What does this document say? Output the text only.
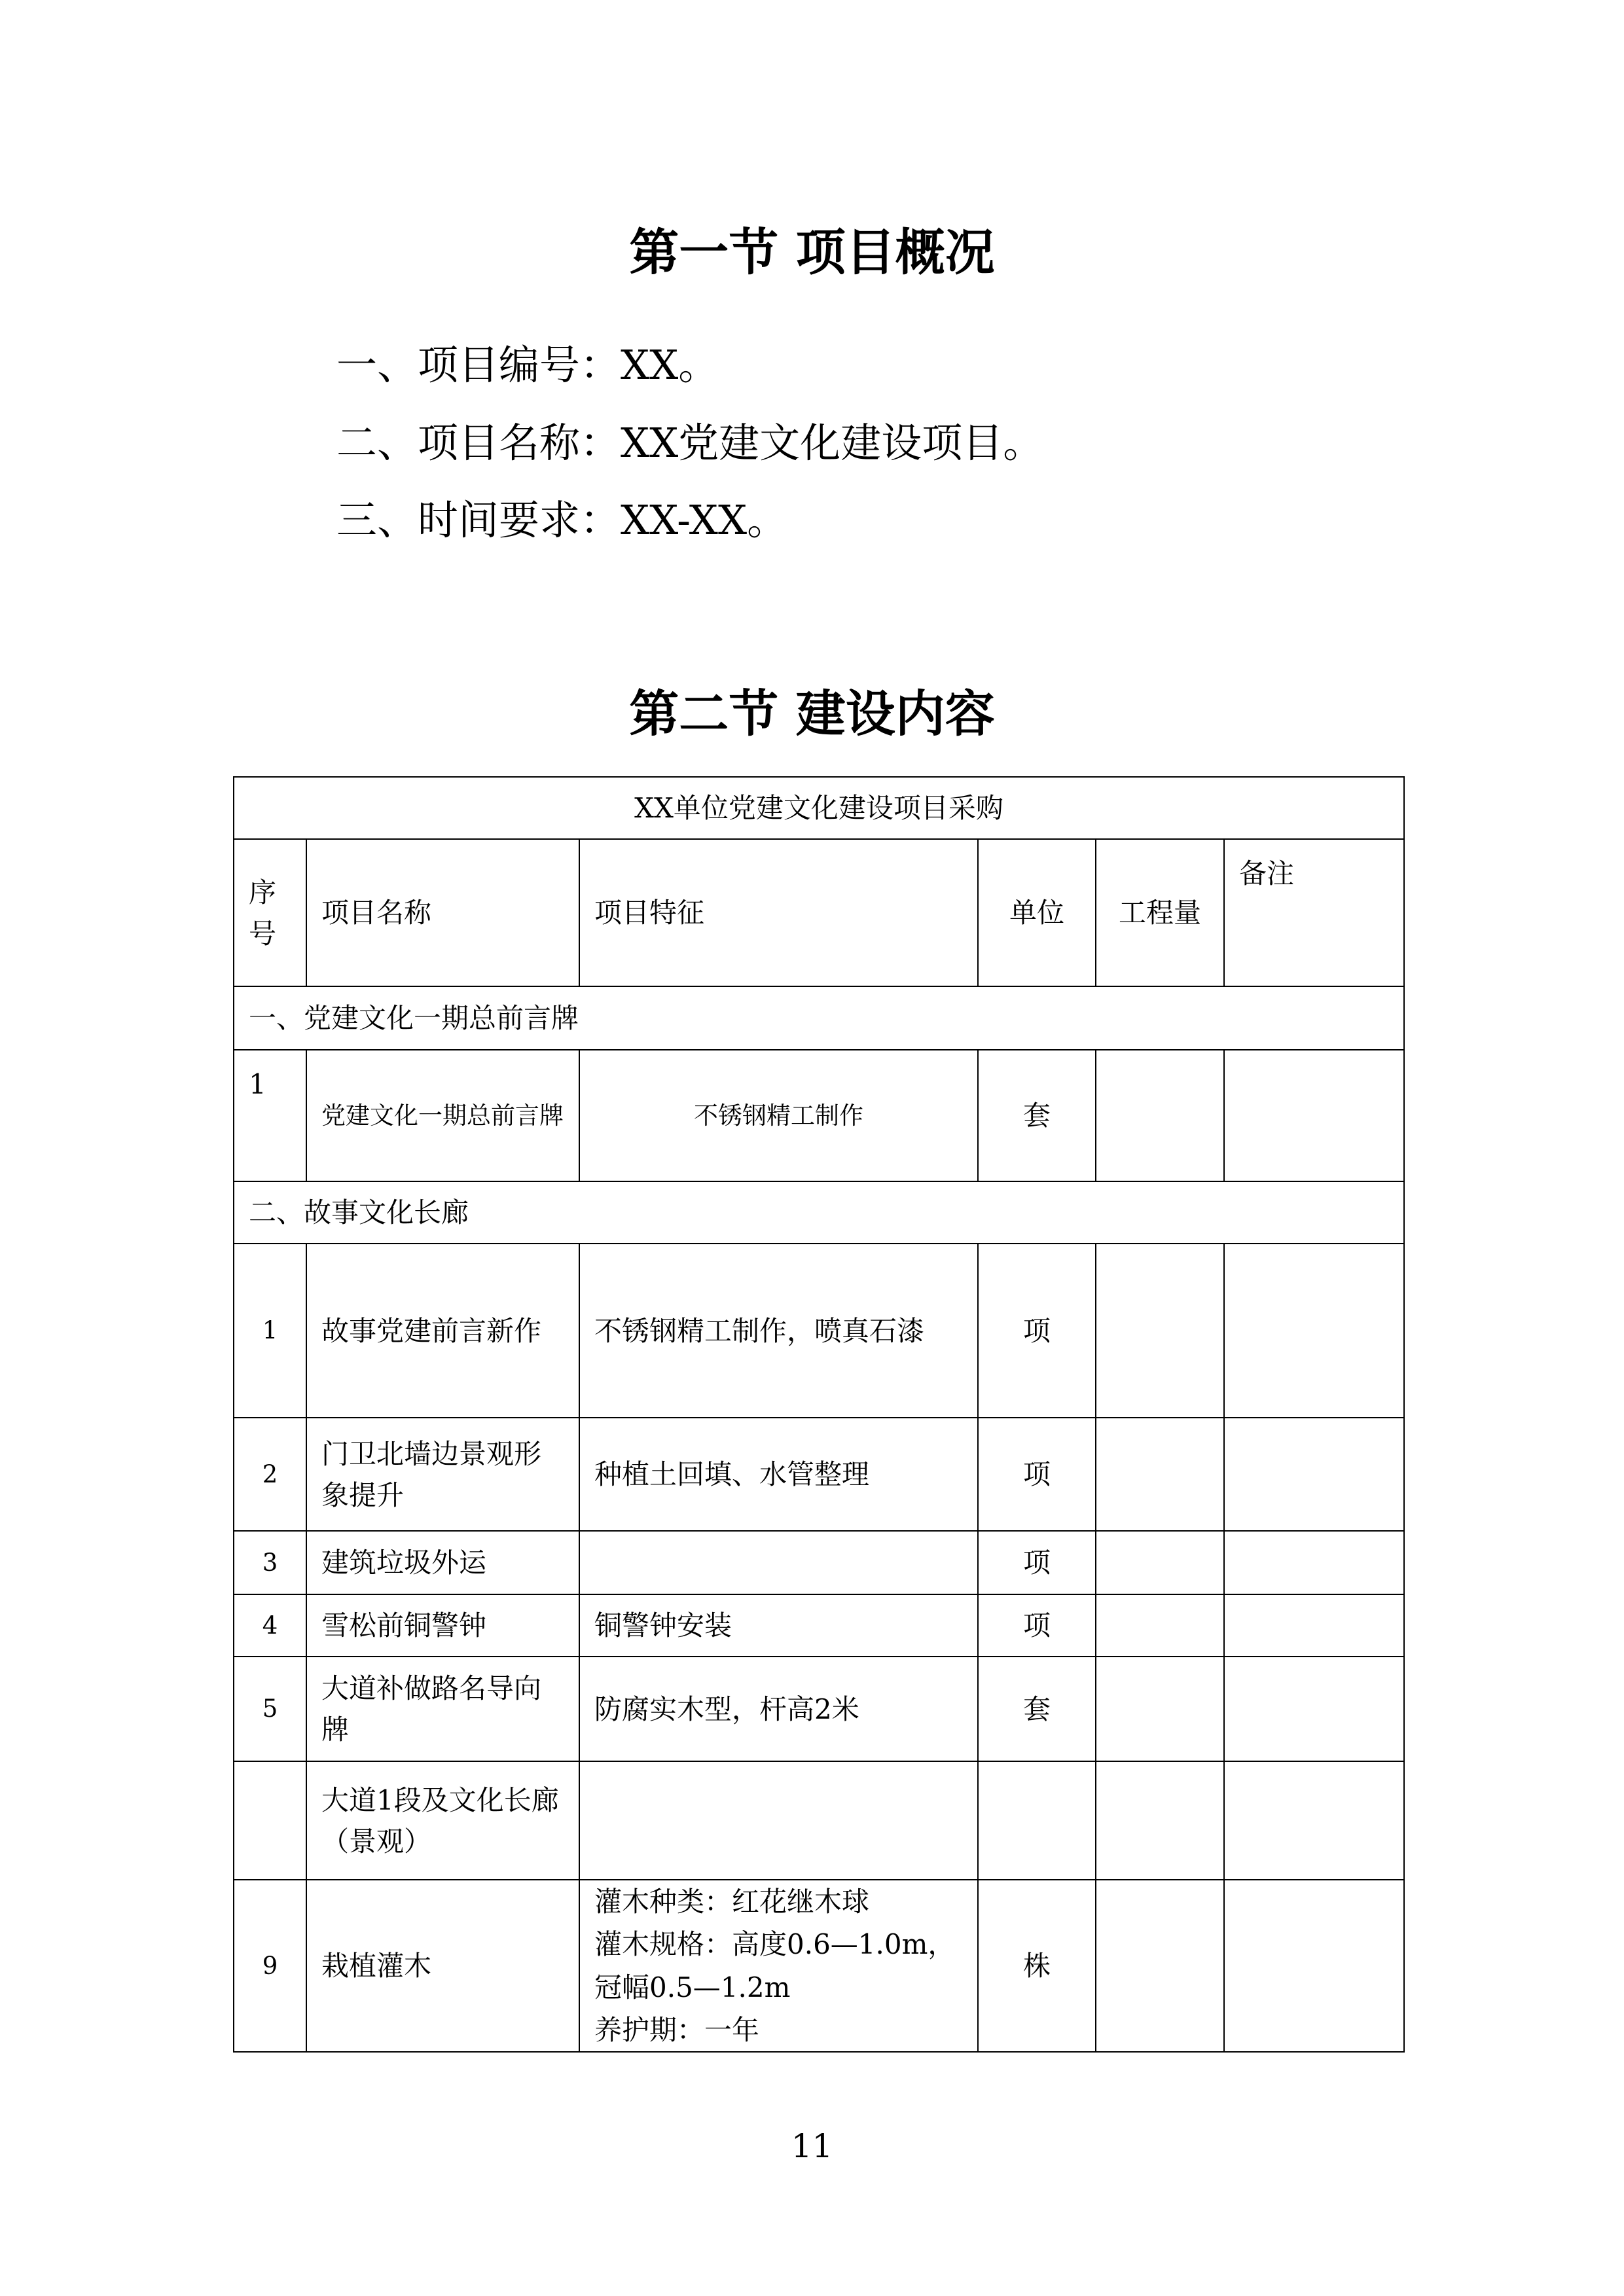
第一节 项目概况
一、项目编号：XX。
二、项目名称：XX党建文化建设项目。
三、时间要求：XX-XX。
第二节 建设内容
XX单位党建文化建设项目采购					
序号	项目名称	项目特征	单位	工程量	备注
一、党建文化一期总前言牌					
1	党建文化一期总前言牌	不锈钢精工制作	套		
二、故事文化长廊					
1	故事党建前言新作	不锈钢精工制作，喷真石漆	项		
2	门卫北墙边景观形象提升	种植土回填、水管整理	项		
3	建筑垃圾外运		项		
4	雪松前铜警钟	铜警钟安装	项		
5	大道补做路名导向牌	防腐实木型，杆高2米	套		
	大道1段及文化长廊（景观）				
9	栽植灌木	灌木种类：红花继木球
灌木规格：高度0.6—1.0m，
冠幅0.5—1.2m
养护期：一年	株		
11
